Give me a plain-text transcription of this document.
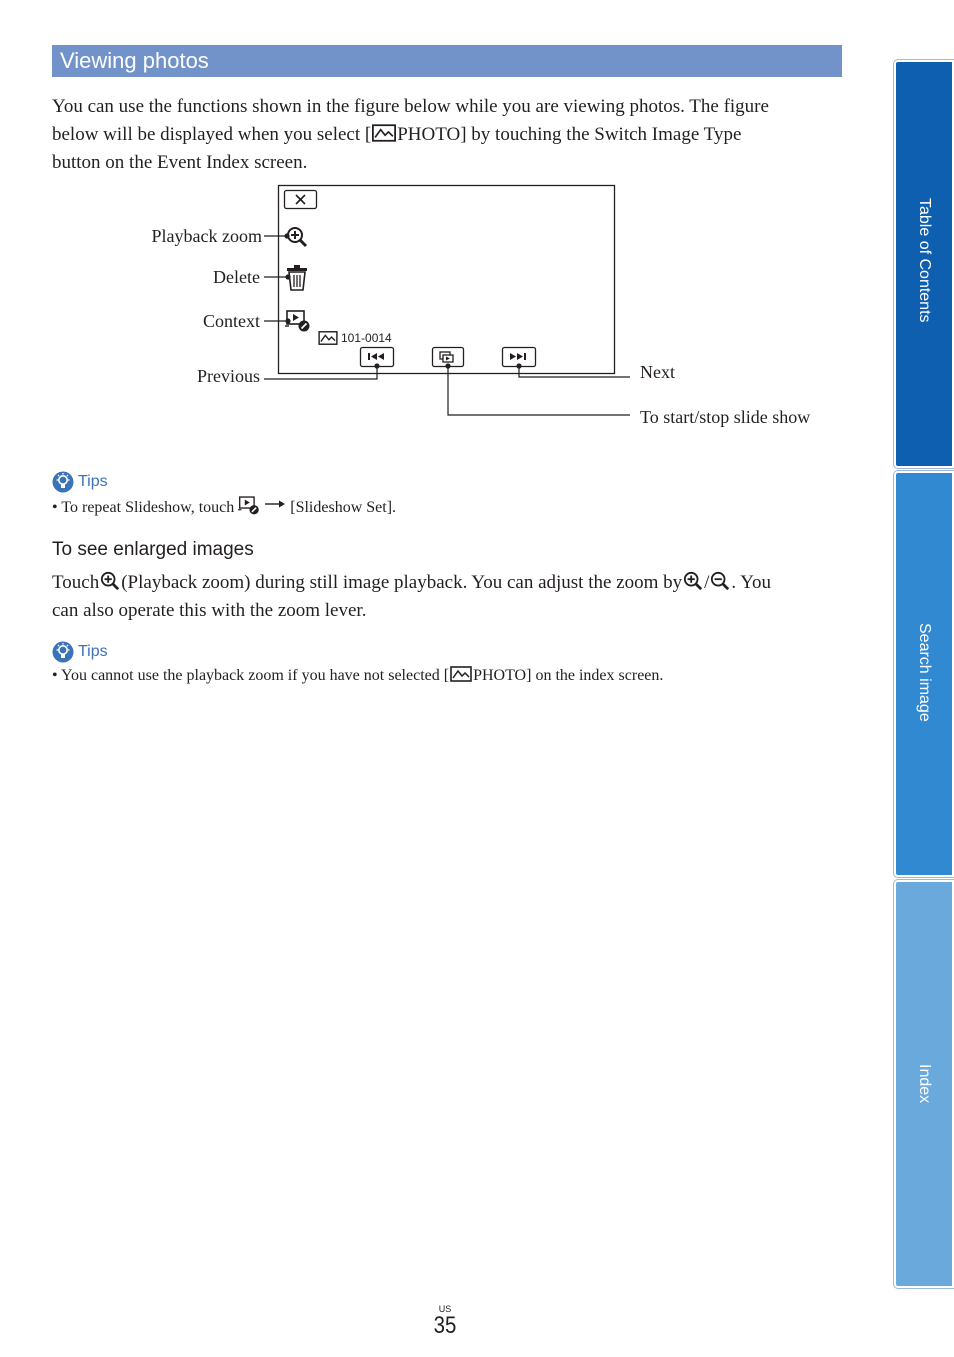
Viewing photos
You can use the functions shown in the figure below while you are viewing photos. The figure
below will be displayed when you select [ PHOTO] by touching the Switch Image Type
button on the Event Index screen.
101-0014
Playback zoom
Delete
Context
Previous	Next
To start/stop slide show
Tips
• To repeat Slideshow, touch	[Slideshow Set].
To see enlarged images
Touch (Playback zoom) during still image playback. You can adjust the zoom by / . You
can also operate this with the zoom lever.
Tips
• You cannot use the playback zoom if you have not selected [ PHOTO] on the index screen.
Table of Contents
Search image
Index
US
35
